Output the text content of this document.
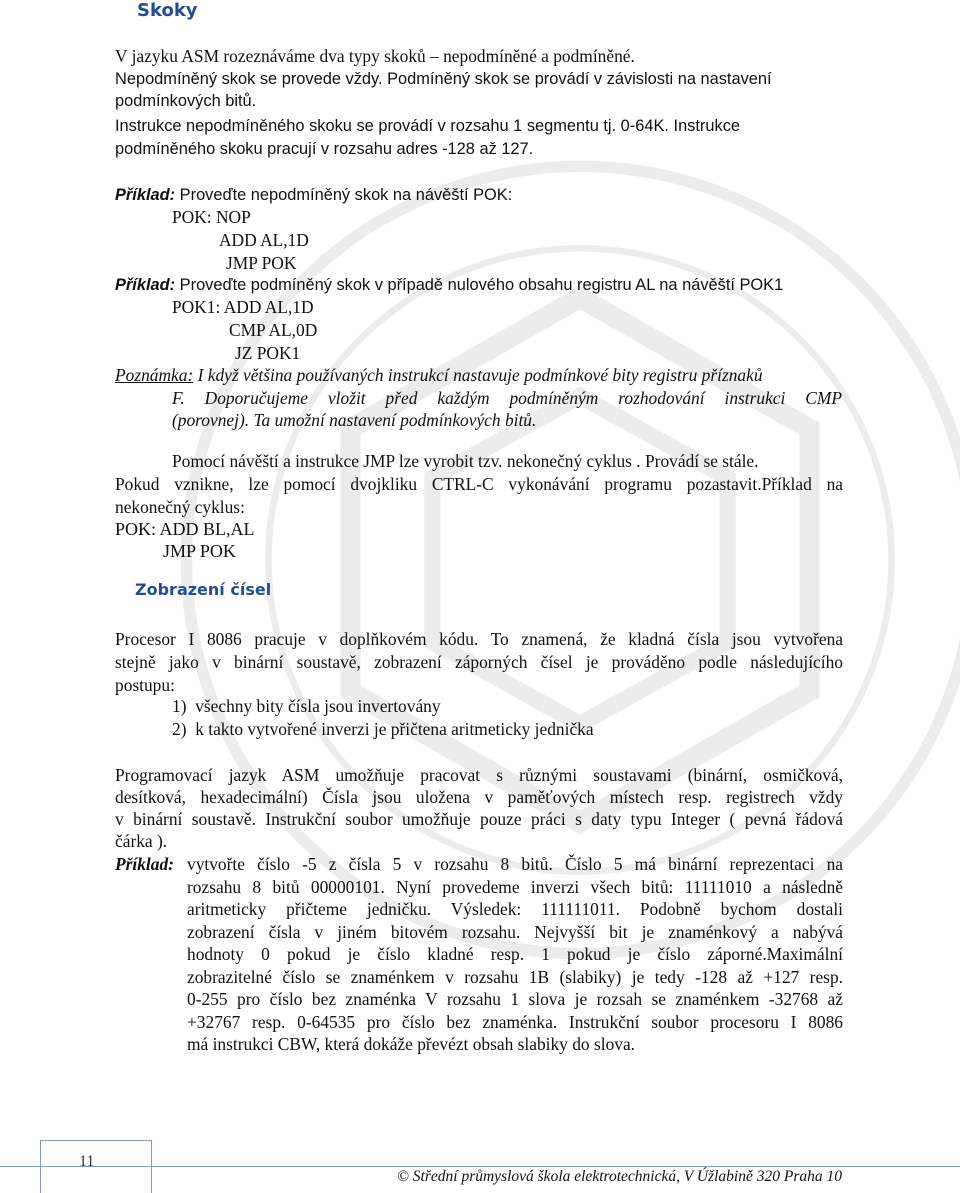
Skoky
V jazyku ASM rozeznáváme dva typy skoků – nepodmíněné a podmíněné.
Nepodmíněný skok se provede vždy. Podmíněný skok se provádí v závislosti na nastavení
podmínkových bitů.
Instrukce nepodmíněného skoku se provádí v rozsahu 1 segmentu tj. 0-64K. Instrukce
podmíněného skoku pracují v rozsahu adres -128 až 127.
Příklad: Proveďte nepodmíněný skok na návěští POK:
POK: NOP
ADD AL,1D
JMP POK
Příklad: Proveďte podmíněný skok v případě nulového obsahu registru AL na návěští POK1
POK1: ADD AL,1D
CMP AL,0D
JZ POK1
Poznámka: I když většina používaných instrukcí nastavuje podmínkové bity registru příznaků
F. Doporučujeme vložit před každým podmíněným rozhodování instrukci CMP
(porovnej). Ta umožní nastavení podmínkových bitů.
Pomocí návěští a instrukce JMP lze vyrobit tzv. nekonečný cyklus . Provádí se stále.
Pokud vznikne, lze pomocí dvojkliku CTRL-C vykonávání programu pozastavit.Příklad na
nekonečný cyklus:
POK: ADD BL,AL
JMP POK
Zobrazení čísel
Procesor I 8086 pracuje v doplňkovém kódu. To znamená, že kladná čísla jsou vytvořena
stejně jako v binární soustavě, zobrazení záporných čísel je prováděno podle následujícího
postupu:
1) všechny bity čísla jsou invertovány
2) k takto vytvořené inverzi je přičtena aritmeticky jednička
Programovací jazyk ASM umožňuje pracovat s různými soustavami (binární, osmičková,
desítková, hexadecimální) Čísla jsou uložena v paměťových místech resp. registrech vždy
v binární soustavě. Instrukční soubor umožňuje pouze práci s daty typu Integer ( pevná řádová
čárka ).
Příklad: vytvořte číslo -5 z čísla 5 v rozsahu 8 bitů. Číslo 5 má binární reprezentaci na
rozsahu 8 bitů 00000101. Nyní provedeme inverzi všech bitů: 11111010 a následně
aritmeticky přičteme jedničku. Výsledek: 111111011. Podobně bychom dostali
zobrazení čísla v jiném bitovém rozsahu. Nejvyšší bit je znaménkový a nabývá
hodnoty 0 pokud je číslo kladné resp. 1 pokud je číslo záporné.Maximální
zobrazitelné číslo se znaménkem v rozsahu 1B (slabiky) je tedy -128 až +127 resp.
0-255 pro číslo bez znaménka V rozsahu 1 slova je rozsah se znaménkem -32768 až
+32767 resp. 0-64535 pro číslo bez znaménka. Instrukční soubor procesoru I 8086
má instrukci CBW, která dokáže převézt obsah slabiky do slova.
11
© Střední průmyslová škola elektrotechnická, V Úžlabině 320 Praha 10
